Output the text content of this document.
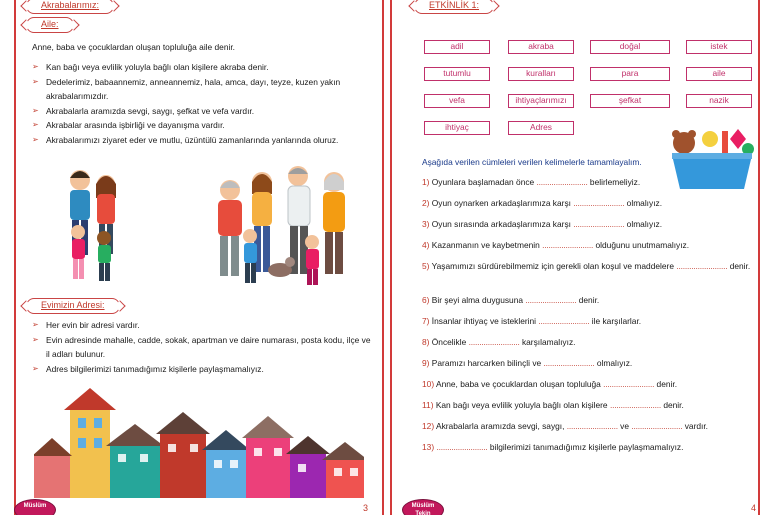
Akrabalarımız:
Aile:
Anne, baba ve çocuklardan oluşan topluluğa aile denir.
➢ Kan bağı veya evlilik yoluyla bağlı olan kişilere akraba denir.
➢ Dedelerimiz, babaannemiz, anneannemiz, hala, amca, dayı, teyze, kuzen yakın akrabalarımızdır.
➢ Akrabalarla aramızda sevgi, saygı, şefkat ve vefa vardır.
➢ Akrabalar arasında işbirliği ve dayanışma vardır.
➢ Akrabalarımızı ziyaret eder ve mutlu, üzüntülü zamanlarında yanlarında oluruz.
Evimizin Adresi:
➢ Her evin bir adresi vardır.
➢ Evin adresinde mahalle, cadde, sokak, apartman ve daire numarası, posta kodu, ilçe ve il adları bulunur.
➢ Adres bilgilerimizi tanımadığımız kişilerle paylaşmamalıyız.
Müslüm	3
ETKİNLİK 1:
adil	akraba	doğal	istek
tutumlu	kuralları	para	aile
vefa	ihtiyaçlarımızı	şefkat	nazik
ihtiyaç	Adres
Aşağıda verilen cümleleri verilen kelimelerle tamamlayalım.
1) Oyunlara başlamadan önce ........................ belirlemeliyiz.
2) Oyun oynarken arkadaşlarımıza karşı ........................ olmalıyız.
3) Oyun sırasında arkadaşlarımıza karşı ........................ olmalıyız.
4) Kazanmanın ve kaybetmenin ........................ olduğunu unutmamalıyız.
5) Yaşamımızı sürdürebilmemiz için gerekli olan koşul ve maddelere ........................ denir.
6) Bir şeyi alma duygusuna ........................ denir.
7) İnsanlar ihtiyaç ve isteklerini ........................ ile karşılarlar.
8) Öncelikle ........................ karşılamalıyız.
9) Paramızı harcarken bilinçli ve ........................ olmalıyız.
10) Anne, baba ve çocuklardan oluşan topluluğa ........................ denir.
11) Kan bağı veya evlilik yoluyla bağlı olan kişilere ........................ denir.
12) Akrabalarla aramızda sevgi, saygı, ........................ ve ........................ vardır.
13) ........................ bilgilerimizi tanımadığımız kişilerle paylaşmamalıyız.
Müslüm
Tekin
4
